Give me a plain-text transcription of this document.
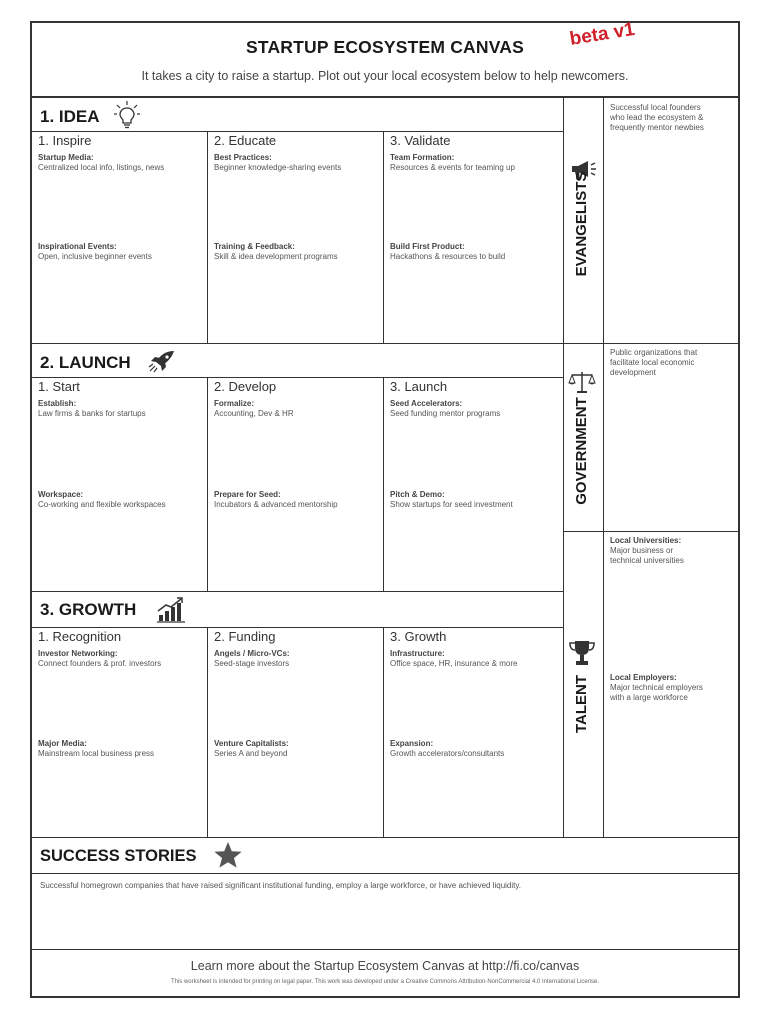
STARTUP ECOSYSTEM CANVAS	beta v1
It takes a city to raise a startup. Plot out your local ecosystem below to help newcomers.
1. IDEA
1. Inspire
Startup Media:
Centralized local info, listings, news
Inspirational Events:
Open, inclusive beginner events
2. Educate
Best Practices:
Beginner knowledge-sharing events
Training & Feedback:
Skill & idea development programs
3. Validate
Team Formation:
Resources & events for teaming up
Build First Product:
Hackathons & resources to build
2. LAUNCH
1. Start
Establish:
Law firms & banks for startups
Workspace:
Co-working and flexible workspaces
2. Develop
Formalize:
Accounting, Dev & HR
Prepare for Seed:
Incubators & advanced mentorship
3. Launch
Seed Accelerators:
Seed funding mentor programs
Pitch & Demo:
Show startups for seed investment
3. GROWTH
1. Recognition
Investor Networking:
Connect founders & prof. investors
Major Media:
Mainstream local business press
2. Funding
Angels / Micro-VCs:
Seed-stage investors
Venture Capitalists:
Series A and beyond
3. Growth
Infrastructure:
Office space, HR, insurance & more
Expansion:
Growth accelerators/consultants
EVANGELISTS
Successful local founders
who lead the ecosystem &
frequently mentor newbies
GOVERNMENT
Public organizations that
facilitate local economic
development
TALENT
Local Universities:
Major business or
technical universities
Local Employers:
Major technical employers
with a large workforce
SUCCESS STORIES
Successful homegrown companies that have raised significant institutional funding, employ a large workforce, or have achieved liquidity.
Learn more about the Startup Ecosystem Canvas at http://fi.co/canvas
This worksheet is intended for printing on legal paper. This work was developed under a Creative Commons Attribution-NonCommercial 4.0 International License.
